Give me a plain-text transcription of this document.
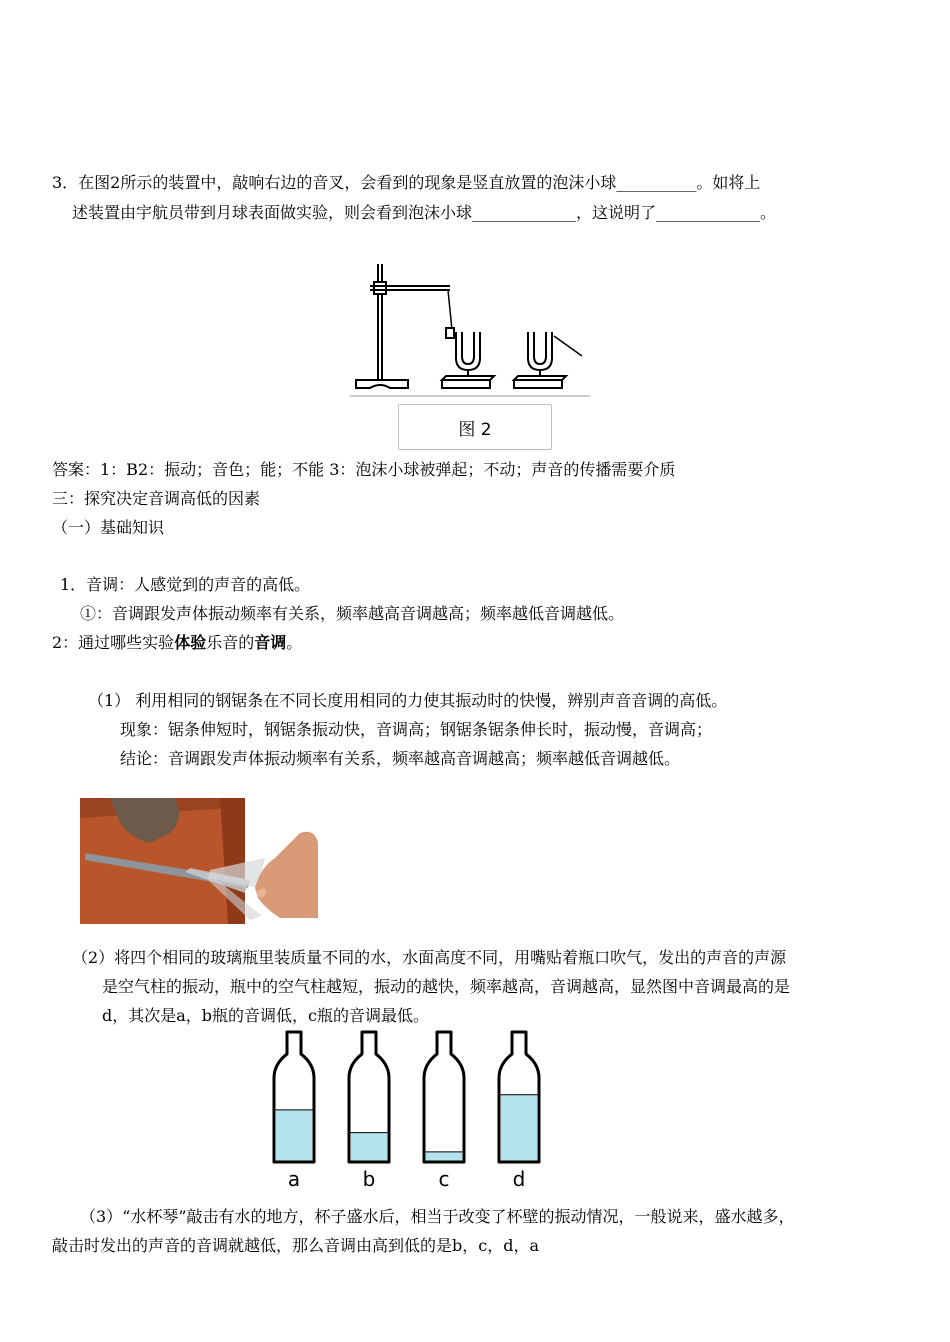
3．在图2所示的装置中，敲响右边的音叉，会看到的现象是竖直放置的泡沫小球__________。如将上
述装置由宇航员带到月球表面做实验，则会看到泡沫小球_____________，这说明了_____________。
图 2
答案：1：B2：振动；音色；能；不能 3：泡沫小球被弹起；不动；声音的传播需要介质
三：探究决定音调高低的因素
（一）基础知识
1．音调：人感觉到的声音的高低。
①：音调跟发声体振动频率有关系，频率越高音调越高；频率越低音调越低。
2：通过哪些实验体验乐音的音调。
（1） 利用相同的钢锯条在不同长度用相同的力使其振动时的快慢，辨别声音音调的高低。
现象：锯条伸短时，钢锯条振动快，音调高；钢锯条锯条伸长时，振动慢，音调高；
结论：音调跟发声体振动频率有关系，频率越高音调越高；频率越低音调越低。
（2）将四个相同的玻璃瓶里装质量不同的水，水面高度不同，用嘴贴着瓶口吹气，发出的声音的声源
是空气柱的振动，瓶中的空气柱越短，振动的越快，频率越高，音调越高，显然图中音调最高的是
d，其次是a，b瓶的音调低，c瓶的音调最低。
a	b	c	d
（3）“水杯琴”敲击有水的地方，杯子盛水后，相当于改变了杯壁的振动情况，一般说来，盛水越多，
敲击时发出的声音的音调就越低，那么音调由高到低的是b，c，d，a
